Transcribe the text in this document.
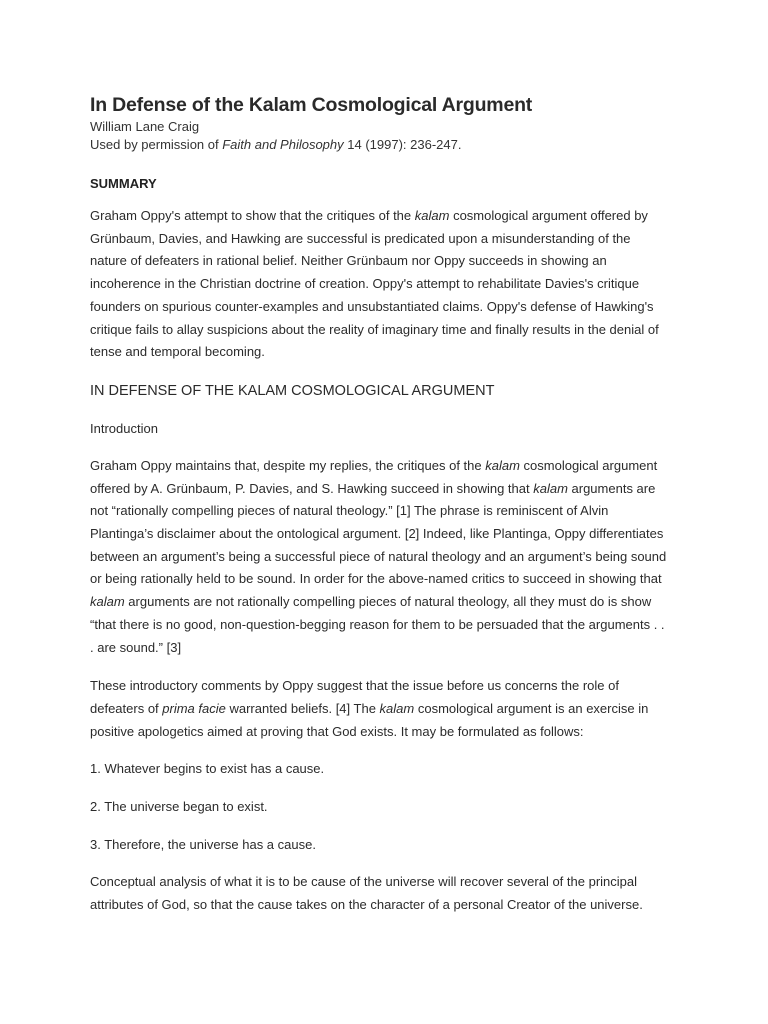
In Defense of the Kalam Cosmological Argument
William Lane Craig
Used by permission of Faith and Philosophy 14 (1997): 236-247.
SUMMARY

Graham Oppy's attempt to show that the critiques of the kalam cosmological argument offered by Grünbaum, Davies, and Hawking are successful is predicated upon a misunderstanding of the nature of defeaters in rational belief. Neither Grünbaum nor Oppy succeeds in showing an incoherence in the Christian doctrine of creation. Oppy's attempt to rehabilitate Davies's critique founders on spurious counter-examples and unsubstantiated claims. Oppy's defense of Hawking's critique fails to allay suspicions about the reality of imaginary time and finally results in the denial of tense and temporal becoming.

IN DEFENSE OF THE KALAM COSMOLOGICAL ARGUMENT
Introduction

Graham Oppy maintains that, despite my replies, the critiques of the kalam cosmological argument offered by A. Grünbaum, P. Davies, and S. Hawking succeed in showing that kalam arguments are not “rationally compelling pieces of natural theology.” [1] The phrase is reminiscent of Alvin Plantinga’s disclaimer about the ontological argument. [2] Indeed, like Plantinga, Oppy differentiates between an argument’s being a successful piece of natural theology and an argument’s being sound or being rationally held to be sound. In order for the above-named critics to succeed in showing that kalam arguments are not rationally compelling pieces of natural theology, all they must do is show “that there is no good, non-question-begging reason for them to be persuaded that the arguments . . . are sound.” [3]

These introductory comments by Oppy suggest that the issue before us concerns the role of defeaters of prima facie warranted beliefs. [4] The kalam cosmological argument is an exercise in positive apologetics aimed at proving that God exists. It may be formulated as follows:

1. Whatever begins to exist has a cause.

2. The universe began to exist.

3. Therefore, the universe has a cause.

Conceptual analysis of what it is to be cause of the universe will recover several of the principal attributes of God, so that the cause takes on the character of a personal Creator of the universe.
